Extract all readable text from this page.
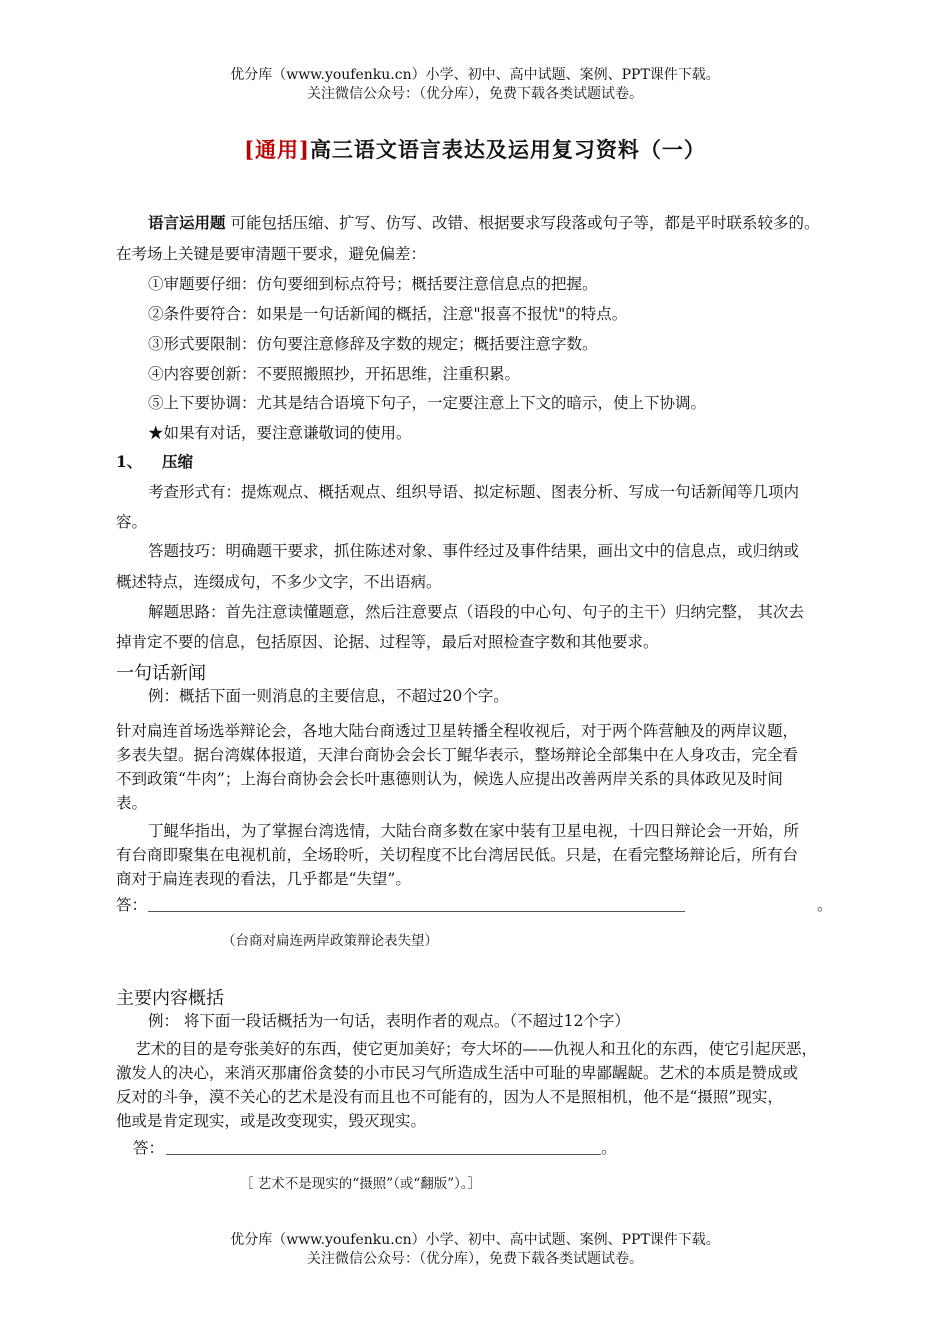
优分库（www.youfenku.cn）小学、初中、高中试题、案例、PPT课件下载。
关注微信公众号：（优分库），免费下载各类试题试卷。
[通用]高三语文语言表达及运用复习资料（一）
语言运用题 可能包括压缩、扩写、仿写、改错、根据要求写段落或句子等，都是平时联系较多的。
在考场上关键是要审清题干要求，避免偏差：
①审题要仔细：仿句要细到标点符号；概括要注意信息点的把握。
②条件要符合：如果是一句话新闻的概括，注意"报喜不报忧"的特点。
③形式要限制：仿句要注意修辞及字数的规定；概括要注意字数。
④内容要创新：不要照搬照抄，开拓思维，注重积累。
⑤上下要协调：尤其是结合语境下句子，一定要注意上下文的暗示，使上下协调。
★如果有对话，要注意谦敬词的使用。
1、 压缩
考查形式有：提炼观点、概括观点、组织导语、拟定标题、图表分析、写成一句话新闻等几项内
容。
答题技巧：明确题干要求，抓住陈述对象、事件经过及事件结果，画出文中的信息点，或归纳或
概述特点，连缀成句，不多少文字，不出语病。
解题思路：首先注意读懂题意，然后注意要点（语段的中心句、句子的主干）归纳完整， 其次去
掉肯定不要的信息，包括原因、论据、过程等，最后对照检查字数和其他要求。
一句话新闻
例：概括下面一则消息的主要信息，不超过20个字。
针对扁连首场选举辩论会，各地大陆台商透过卫星转播全程收视后，对于两个阵营触及的两岸议题，
多表失望。据台湾媒体报道，天津台商协会会长丁鲲华表示，整场辩论全部集中在人身攻击，完全看
不到政策“牛肉”；上海台商协会会长叶惠德则认为，候选人应提出改善两岸关系的具体政见及时间
表。
丁鲲华指出，为了掌握台湾选情，大陆台商多数在家中装有卫星电视，十四日辩论会一开始，所
有台商即聚集在电视机前，全场聆听，关切程度不比台湾居民低。只是，在看完整场辩论后，所有台
商对于扁连表现的看法，几乎都是“失望”。
答：	。
（台商对扁连两岸政策辩论表失望）
主要内容概括
例： 将下面一段话概括为一句话，表明作者的观点。（不超过12个字）
艺术的目的是夸张美好的东西，使它更加美好；夸大坏的——仇视人和丑化的东西，使它引起厌恶，
激发人的决心，来消灭那庸俗贪婪的小市民习气所造成生活中可耻的卑鄙龌龊。艺术的本质是赞成或
反对的斗争，漠不关心的艺术是没有而且也不可能有的，因为人不是照相机，他不是“摄照”现实，
他或是肯定现实，或是改变现实，毁灭现实。
答：	。
［ 艺术不是现实的“摄照”（或“翻版”）。］
优分库（www.youfenku.cn）小学、初中、高中试题、案例、PPT课件下载。
关注微信公众号：（优分库），免费下载各类试题试卷。
